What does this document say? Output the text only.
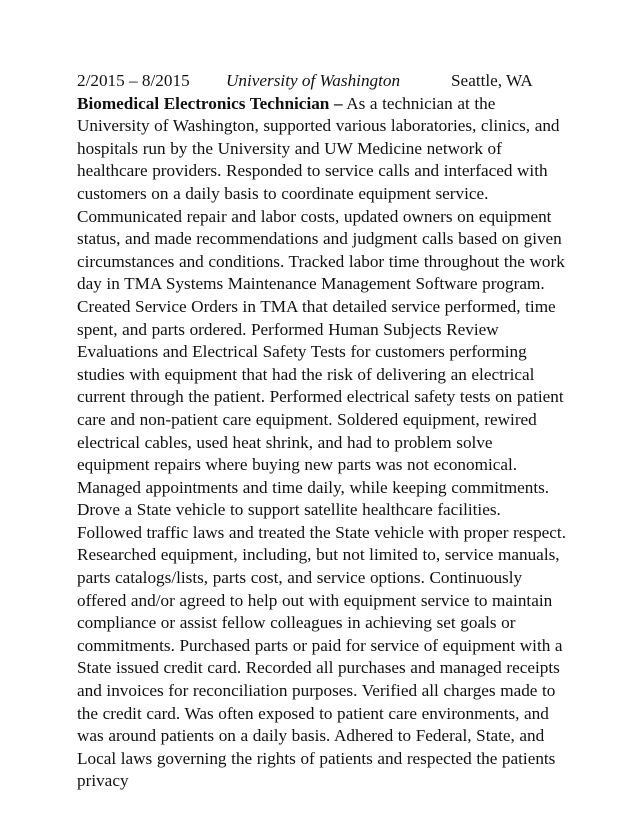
2/2015 – 8/2015 University of Washington	Seattle, WA

Biomedical Electronics Technician – As a technician at the University of Washington, supported various laboratories, clinics, and hospitals run by the University and UW Medicine network of healthcare providers. Responded to service calls and interfaced with customers on a daily basis to coordinate equipment service. Communicated repair and labor costs, updated owners on equipment status, and made recommendations and judgment calls based on given circumstances and conditions. Tracked labor time throughout the work day in TMA Systems Maintenance Management Software program. Created Service Orders in TMA that detailed service performed, time spent, and parts ordered. Performed Human Subjects Review Evaluations and Electrical Safety Tests for customers performing studies with equipment that had the risk of delivering an electrical current through the patient. Performed electrical safety tests on patient care and non-patient care equipment. Soldered equipment, rewired electrical cables, used heat shrink, and had to problem solve equipment repairs where buying new parts was not economical. Managed appointments and time daily, while keeping commitments. Drove a State vehicle to support satellite healthcare facilities. Followed traffic laws and treated the State vehicle with proper respect. Researched equipment, including, but not limited to, service manuals, parts catalogs/lists, parts cost, and service options. Continuously offered and/or agreed to help out with equipment service to maintain compliance or assist fellow colleagues in achieving set goals or commitments. Purchased parts or paid for service of equipment with a State issued credit card. Recorded all purchases and managed receipts and invoices for reconciliation purposes. Verified all charges made to the credit card. Was often exposed to patient care environments, and was around patients on a daily basis. Adhered to Federal, State, and Local laws governing the rights of patients and respected the patients privacy
